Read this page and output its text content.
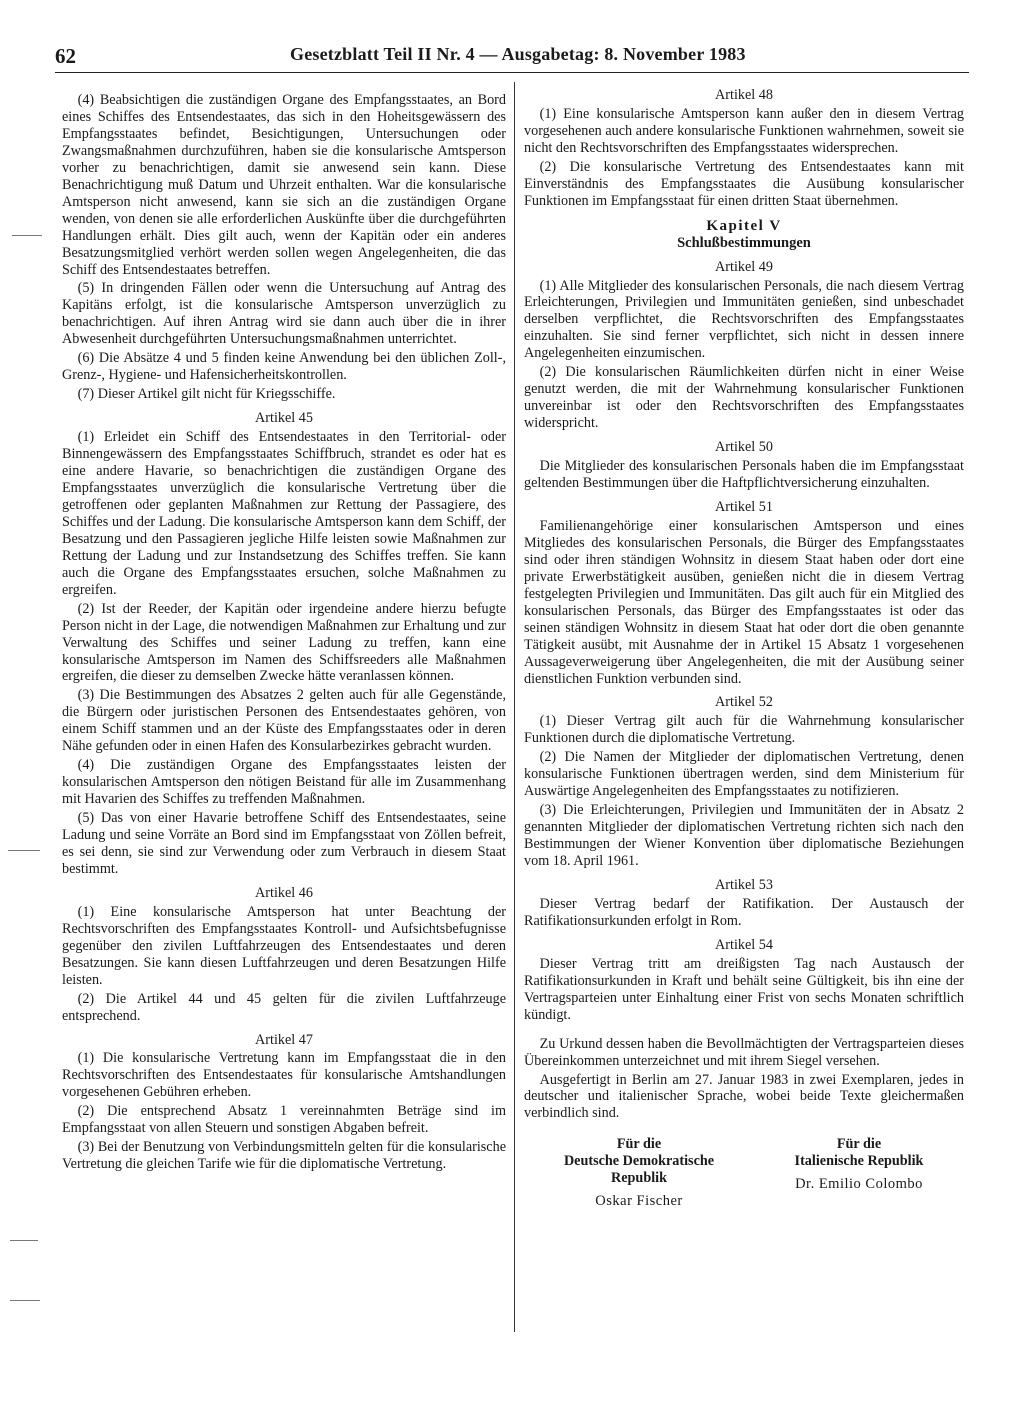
62	Gesetzblatt Teil II Nr. 4 — Ausgabetag: 8. November 1983

(4) Beabsichtigen die zuständigen Organe des Empfangsstaates, an Bord eines Schiffes des Entsendestaates, das sich in den Hoheitsgewässern des Empfangsstaates befindet, Besichtigungen, Untersuchungen oder Zwangsmaßnahmen durchzuführen, haben sie die konsularische Amtsperson vorher zu benachrichtigen, damit sie anwesend sein kann. Diese Benachrichtigung muß Datum und Uhrzeit enthalten. War die konsularische Amtsperson nicht anwesend, kann sie sich an die zuständigen Organe wenden, von denen sie alle erforderlichen Auskünfte über die durchgeführten Handlungen erhält. Dies gilt auch, wenn der Kapitän oder ein anderes Besatzungsmitglied verhört werden sollen wegen Angelegenheiten, die das Schiff des Entsendestaates betreffen.

(5) In dringenden Fällen oder wenn die Untersuchung auf Antrag des Kapitäns erfolgt, ist die konsularische Amtsperson unverzüglich zu benachrichtigen. Auf ihren Antrag wird sie dann auch über die in ihrer Abwesenheit durchgeführten Untersuchungsmaßnahmen unterrichtet.

(6) Die Absätze 4 und 5 finden keine Anwendung bei den üblichen Zoll-, Grenz-, Hygiene- und Hafensicherheitskontrollen.

(7) Dieser Artikel gilt nicht für Kriegsschiffe.

Artikel 45

(1) Erleidet ein Schiff des Entsendestaates in den Territorial- oder Binnengewässern des Empfangsstaates Schiffbruch, strandet es oder hat es eine andere Havarie, so benachrichtigen die zuständigen Organe des Empfangsstaates unverzüglich die konsularische Vertretung über die getroffenen oder geplanten Maßnahmen zur Rettung der Passagiere, des Schiffes und der Ladung. Die konsularische Amtsperson kann dem Schiff, der Besatzung und den Passagieren jegliche Hilfe leisten sowie Maßnahmen zur Rettung der Ladung und zur Instandsetzung des Schiffes treffen. Sie kann auch die Organe des Empfangsstaates ersuchen, solche Maßnahmen zu ergreifen.

(2) Ist der Reeder, der Kapitän oder irgendeine andere hierzu befugte Person nicht in der Lage, die notwendigen Maßnahmen zur Erhaltung und zur Verwaltung des Schiffes und seiner Ladung zu treffen, kann eine konsularische Amtsperson im Namen des Schiffsreeders alle Maßnahmen ergreifen, die dieser zu demselben Zwecke hätte veranlassen können.

(3) Die Bestimmungen des Absatzes 2 gelten auch für alle Gegenstände, die Bürgern oder juristischen Personen des Entsendestaates gehören, von einem Schiff stammen und an der Küste des Empfangsstaates oder in deren Nähe gefunden oder in einen Hafen des Konsularbezirkes gebracht wurden.

(4) Die zuständigen Organe des Empfangsstaates leisten der konsularischen Amtsperson den nötigen Beistand für alle im Zusammenhang mit Havarien des Schiffes zu treffenden Maßnahmen.

(5) Das von einer Havarie betroffene Schiff des Entsendestaates, seine Ladung und seine Vorräte an Bord sind im Empfangsstaat von Zöllen befreit, es sei denn, sie sind zur Verwendung oder zum Verbrauch in diesem Staat bestimmt.

Artikel 46

(1) Eine konsularische Amtsperson hat unter Beachtung der Rechtsvorschriften des Empfangsstaates Kontroll- und Aufsichtsbefugnisse gegenüber den zivilen Luftfahrzeugen des Entsendestaates und deren Besatzungen. Sie kann diesen Luftfahrzeugen und deren Besatzungen Hilfe leisten.

(2) Die Artikel 44 und 45 gelten für die zivilen Luftfahrzeuge entsprechend.

Artikel 47

(1) Die konsularische Vertretung kann im Empfangsstaat die in den Rechtsvorschriften des Entsendestaates für konsularische Amtshandlungen vorgesehenen Gebühren erheben.

(2) Die entsprechend Absatz 1 vereinnahmten Beträge sind im Empfangsstaat von allen Steuern und sonstigen Abgaben befreit.

(3) Bei der Benutzung von Verbindungsmitteln gelten für die konsularische Vertretung die gleichen Tarife wie für die diplomatische Vertretung.

Artikel 48

(1) Eine konsularische Amtsperson kann außer den in diesem Vertrag vorgesehenen auch andere konsularische Funktionen wahrnehmen, soweit sie nicht den Rechtsvorschriften des Empfangsstaates widersprechen.

(2) Die konsularische Vertretung des Entsendestaates kann mit Einverständnis des Empfangsstaates die Ausübung konsularischer Funktionen im Empfangsstaat für einen dritten Staat übernehmen.

Kapitel V
Schlußbestimmungen
Artikel 49

(1) Alle Mitglieder des konsularischen Personals, die nach diesem Vertrag Erleichterungen, Privilegien und Immunitäten genießen, sind unbeschadet derselben verpflichtet, die Rechtsvorschriften des Empfangsstaates einzuhalten. Sie sind ferner verpflichtet, sich nicht in dessen innere Angelegenheiten einzumischen.

(2) Die konsularischen Räumlichkeiten dürfen nicht in einer Weise genutzt werden, die mit der Wahrnehmung konsularischer Funktionen unvereinbar ist oder den Rechtsvorschriften des Empfangsstaates widerspricht.

Artikel 50

Die Mitglieder des konsularischen Personals haben die im Empfangsstaat geltenden Bestimmungen über die Haftpflichtversicherung einzuhalten.

Artikel 51

Familienangehörige einer konsularischen Amtsperson und eines Mitgliedes des konsularischen Personals, die Bürger des Empfangsstaates sind oder ihren ständigen Wohnsitz in diesem Staat haben oder dort eine private Erwerbstätigkeit ausüben, genießen nicht die in diesem Vertrag festgelegten Privilegien und Immunitäten. Das gilt auch für ein Mitglied des konsularischen Personals, das Bürger des Empfangsstaates ist oder das seinen ständigen Wohnsitz in diesem Staat hat oder dort die oben genannte Tätigkeit ausübt, mit Ausnahme der in Artikel 15 Absatz 1 vorgesehenen Aussageverweigerung über Angelegenheiten, die mit der Ausübung seiner dienstlichen Funktion verbunden sind.

Artikel 52

(1) Dieser Vertrag gilt auch für die Wahrnehmung konsularischer Funktionen durch die diplomatische Vertretung.

(2) Die Namen der Mitglieder der diplomatischen Vertretung, denen konsularische Funktionen übertragen werden, sind dem Ministerium für Auswärtige Angelegenheiten des Empfangsstaates zu notifizieren.

(3) Die Erleichterungen, Privilegien und Immunitäten der in Absatz 2 genannten Mitglieder der diplomatischen Vertretung richten sich nach den Bestimmungen der Wiener Konvention über diplomatische Beziehungen vom 18. April 1961.

Artikel 53

Dieser Vertrag bedarf der Ratifikation. Der Austausch der Ratifikationsurkunden erfolgt in Rom.

Artikel 54

Dieser Vertrag tritt am dreißigsten Tag nach Austausch der Ratifikationsurkunden in Kraft und behält seine Gültigkeit, bis ihn eine der Vertragsparteien unter Einhaltung einer Frist von sechs Monaten schriftlich kündigt.

Zu Urkund dessen haben die Bevollmächtigten der Vertragsparteien dieses Übereinkommen unterzeichnet und mit ihrem Siegel versehen.

Ausgefertigt in Berlin am 27. Januar 1983 in zwei Exemplaren, jedes in deutscher und italienischer Sprache, wobei beide Texte gleichermaßen verbindlich sind.

Für die
Deutsche Demokratische
Republik
Oskar Fischer
Für die
Italienische Republik
Dr. Emilio Colombo
